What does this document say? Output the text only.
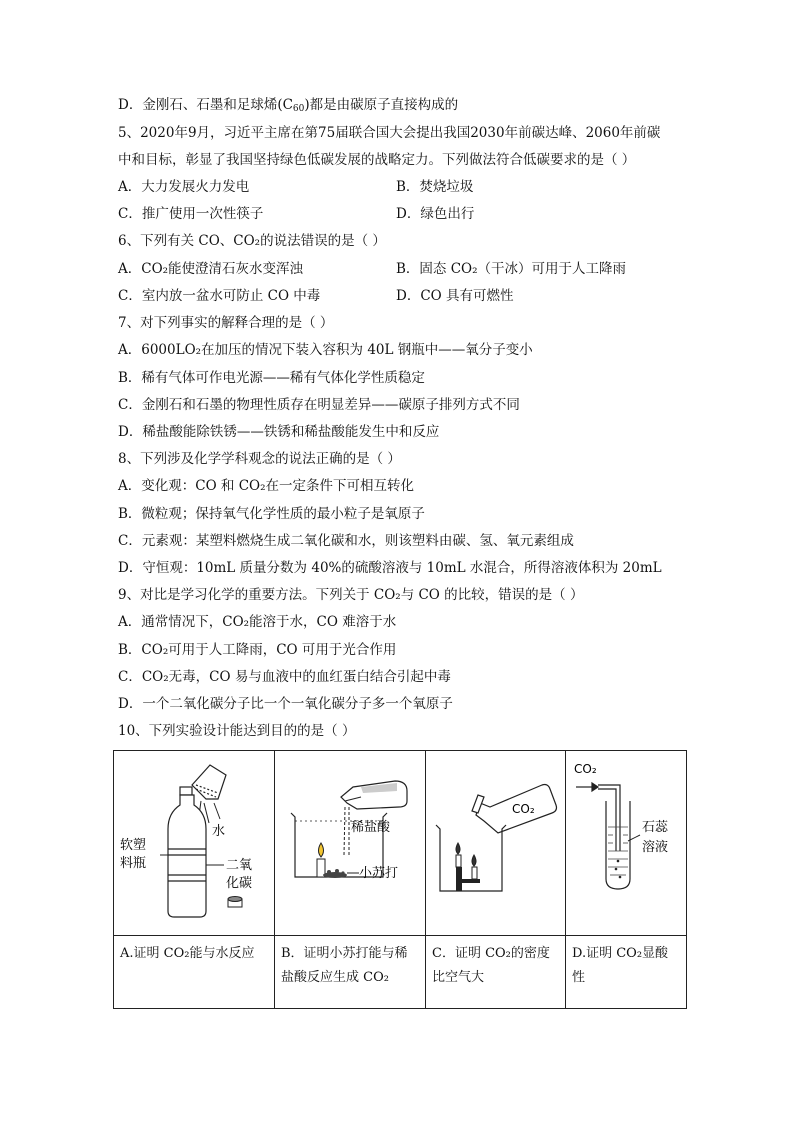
D．金刚石、石墨和足球烯$(C_{60})$都是由碳原子直接构成的
5、2020年9月，习近平主席在第75届联合国大会提出我国2030年前碳达峰、2060年前碳
中和目标，彰显了我国坚持绿色低碳发展的战略定力。下列做法符合低碳要求的是（ ）
A．大力发展火力发电	B．焚烧垃圾
C．推广使用一次性筷子	D．绿色出行
6、下列有关 CO、CO₂的说法错误的是（ ）
A．CO₂能使澄清石灰水变浑浊	B．固态 CO₂（干冰）可用于人工降雨
C．室内放一盆水可防止 CO 中毒	D．CO 具有可燃性
7、对下列事实的解释合理的是（ ）
A．6000LO₂在加压的情况下装入容积为 40L 钢瓶中——氧分子变小
B．稀有气体可作电光源——稀有气体化学性质稳定
C．金刚石和石墨的物理性质存在明显差异——碳原子排列方式不同
D．稀盐酸能除铁锈——铁锈和稀盐酸能发生中和反应
8、下列涉及化学学科观念的说法正确的是（ ）
A．变化观：CO 和 CO₂在一定条件下可相互转化
B．微粒观；保持氧气化学性质的最小粒子是氧原子
C．元素观：某塑料燃烧生成二氧化碳和水，则该塑料由碳、氢、氧元素组成
D．守恒观：10mL 质量分数为 40%的硫酸溶液与 10mL 水混合，所得溶液体积为 20mL
9、对比是学习化学的重要方法。下列关于 CO₂与 CO 的比较，错误的是（ ）
A．通常情况下，CO₂能溶于水，CO 难溶于水
B．CO₂可用于人工降雨，CO 可用于光合作用
C．CO₂无毒，CO 易与血液中的血红蛋白结合引起中毒
D．一个二氧化碳分子比一个一氧化碳分子多一个氧原子
10、下列实验设计能达到目的的是（ ）
水
软塑
料瓶 二氧
化碳	稀盐酸
小苏打	CO₂	CO₂
石蕊
溶液

A.证明 CO₂能与水反应	B．证明小苏打能与稀盐酸反应生成 CO₂	C．证明 CO₂的密度比空气大	D.证明 CO₂显酸性
